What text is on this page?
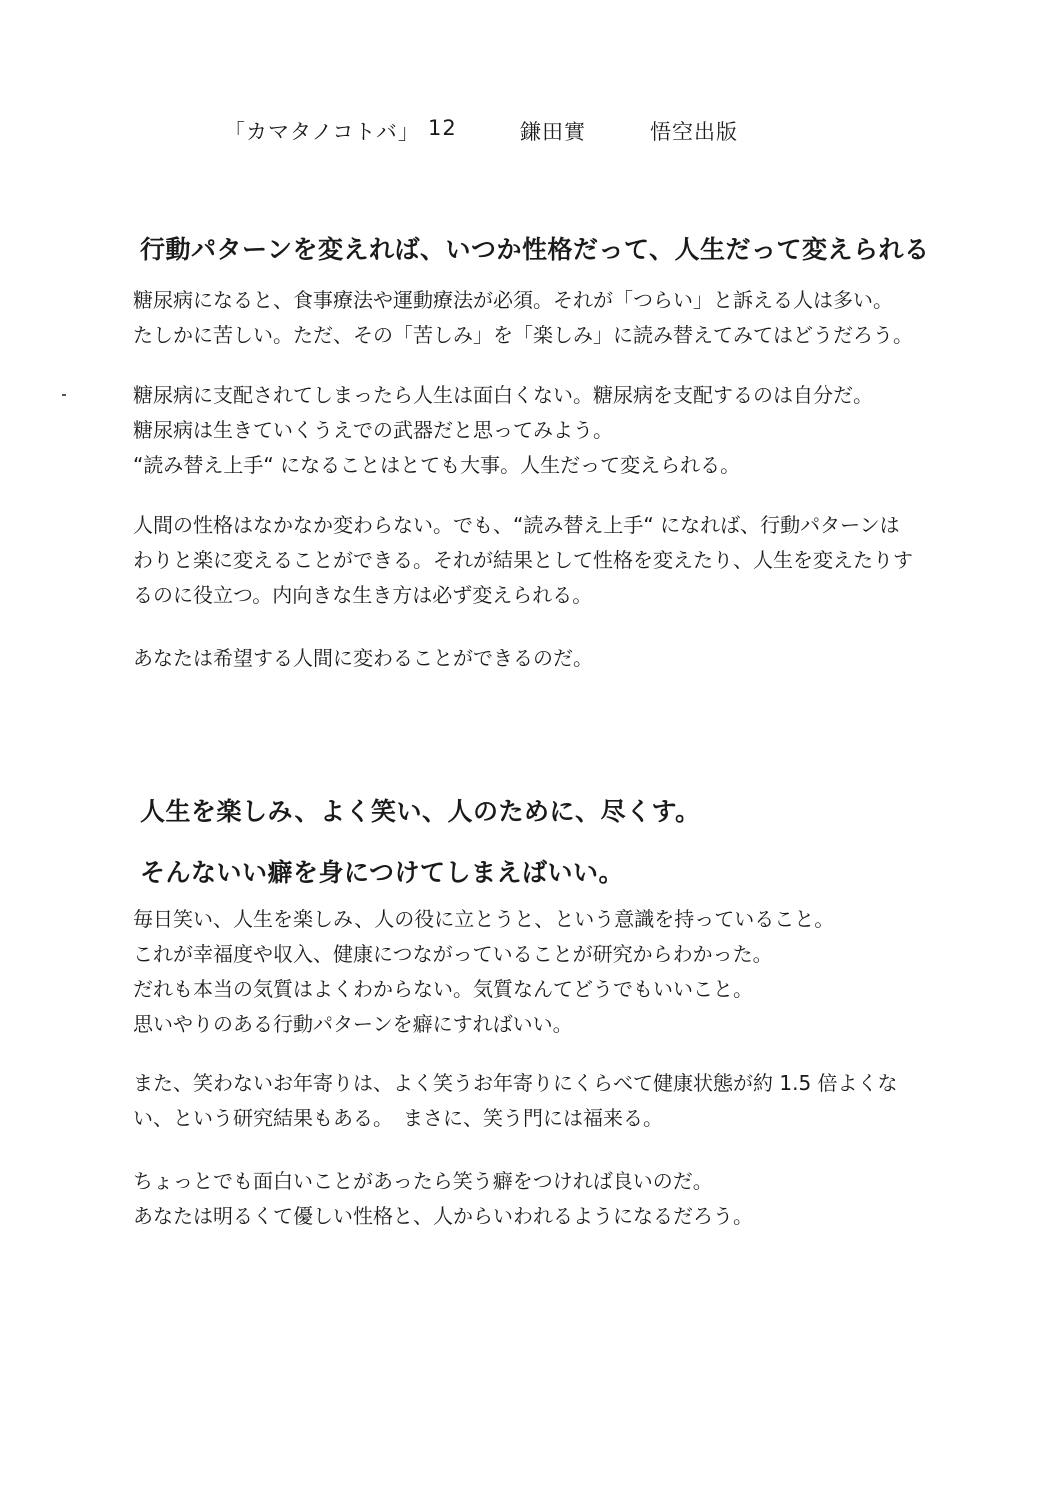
「カマタノコトバ」 12	鎌田實	悟空出版
行動パターンを変えれば、いつか性格だって、人生だって変えられる
糖尿病になると、食事療法や運動療法が必須。それが「つらい」と訴える人は多い。
たしかに苦しい。ただ、その「苦しみ」を「楽しみ」に読み替えてみてはどうだろう。
糖尿病に支配されてしまったら人生は面白くない。糖尿病を支配するのは自分だ。
糖尿病は生きていくうえでの武器だと思ってみよう。
“読み替え上手“ になることはとても大事。人生だって変えられる。
人間の性格はなかなか変わらない。でも、“読み替え上手“ になれば、行動パターンは
わりと楽に変えることができる。それが結果として性格を変えたり、人生を変えたりす
るのに役立つ。内向きな生き方は必ず変えられる。
あなたは希望する人間に変わることができるのだ。
人生を楽しみ、よく笑い、人のために、尽くす。
そんないい癖を身につけてしまえばいい。
毎日笑い、人生を楽しみ、人の役に立とうと、という意識を持っていること。
これが幸福度や収入、健康につながっていることが研究からわかった。
だれも本当の気質はよくわからない。気質なんてどうでもいいこと。
思いやりのある行動パターンを癖にすればいい。
また、笑わないお年寄りは、よく笑うお年寄りにくらべて健康状態が約 1.5 倍よくな
い、という研究結果もある。　まさに、笑う門には福来る。
ちょっとでも面白いことがあったら笑う癖をつければ良いのだ。
あなたは明るくて優しい性格と、人からいわれるようになるだろう。
